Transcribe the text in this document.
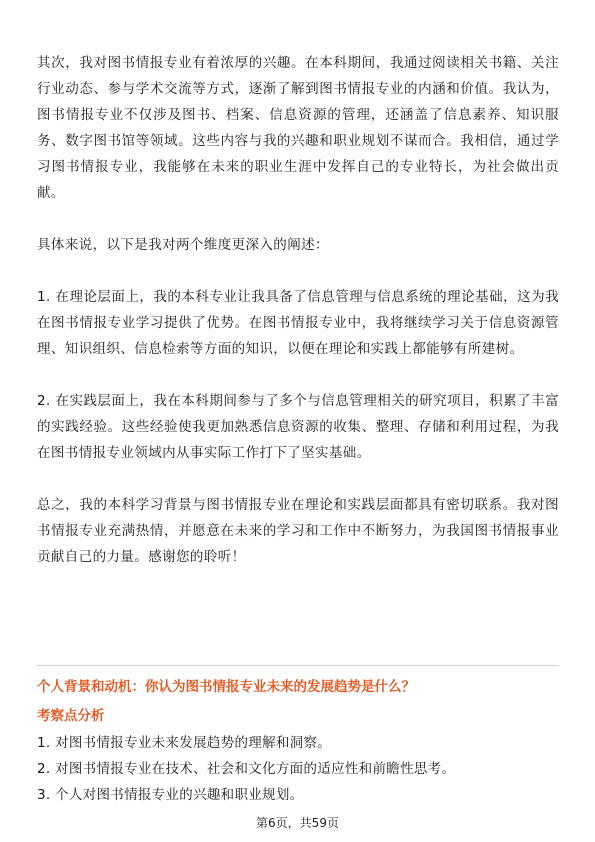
其次，我对图书情报专业有着浓厚的兴趣。在本科期间，我通过阅读相关书籍、关注行业动态、参与学术交流等方式，逐渐了解到图书情报专业的内涵和价值。我认为，图书情报专业不仅涉及图书、档案、信息资源的管理，还涵盖了信息素养、知识服务、数字图书馆等领域。这些内容与我的兴趣和职业规划不谋而合。我相信，通过学习图书情报专业，我能够在未来的职业生涯中发挥自己的专业特长，为社会做出贡献。

具体来说，以下是我对两个维度更深入的阐述：

1. 在理论层面上，我的本科专业让我具备了信息管理与信息系统的理论基础，这为我在图书情报专业学习提供了优势。在图书情报专业中，我将继续学习关于信息资源管理、知识组织、信息检索等方面的知识，以便在理论和实践上都能够有所建树。

2. 在实践层面上，我在本科期间参与了多个与信息管理相关的研究项目，积累了丰富的实践经验。这些经验使我更加熟悉信息资源的收集、整理、存储和利用过程，为我在图书情报专业领域内从事实际工作打下了坚实基础。

总之，我的本科学习背景与图书情报专业在理论和实践层面都具有密切联系。我对图书情报专业充满热情，并愿意在未来的学习和工作中不断努力，为我国图书情报事业贡献自己的力量。感谢您的聆听！

个人背景和动机：你认为图书情报专业未来的发展趋势是什么？

考察点分析

1. 对图书情报专业未来发展趋势的理解和洞察。
2. 对图书情报专业在技术、社会和文化方面的适应性和前瞻性思考。
3. 个人对图书情报专业的兴趣和职业规划。
第6页，共59页
